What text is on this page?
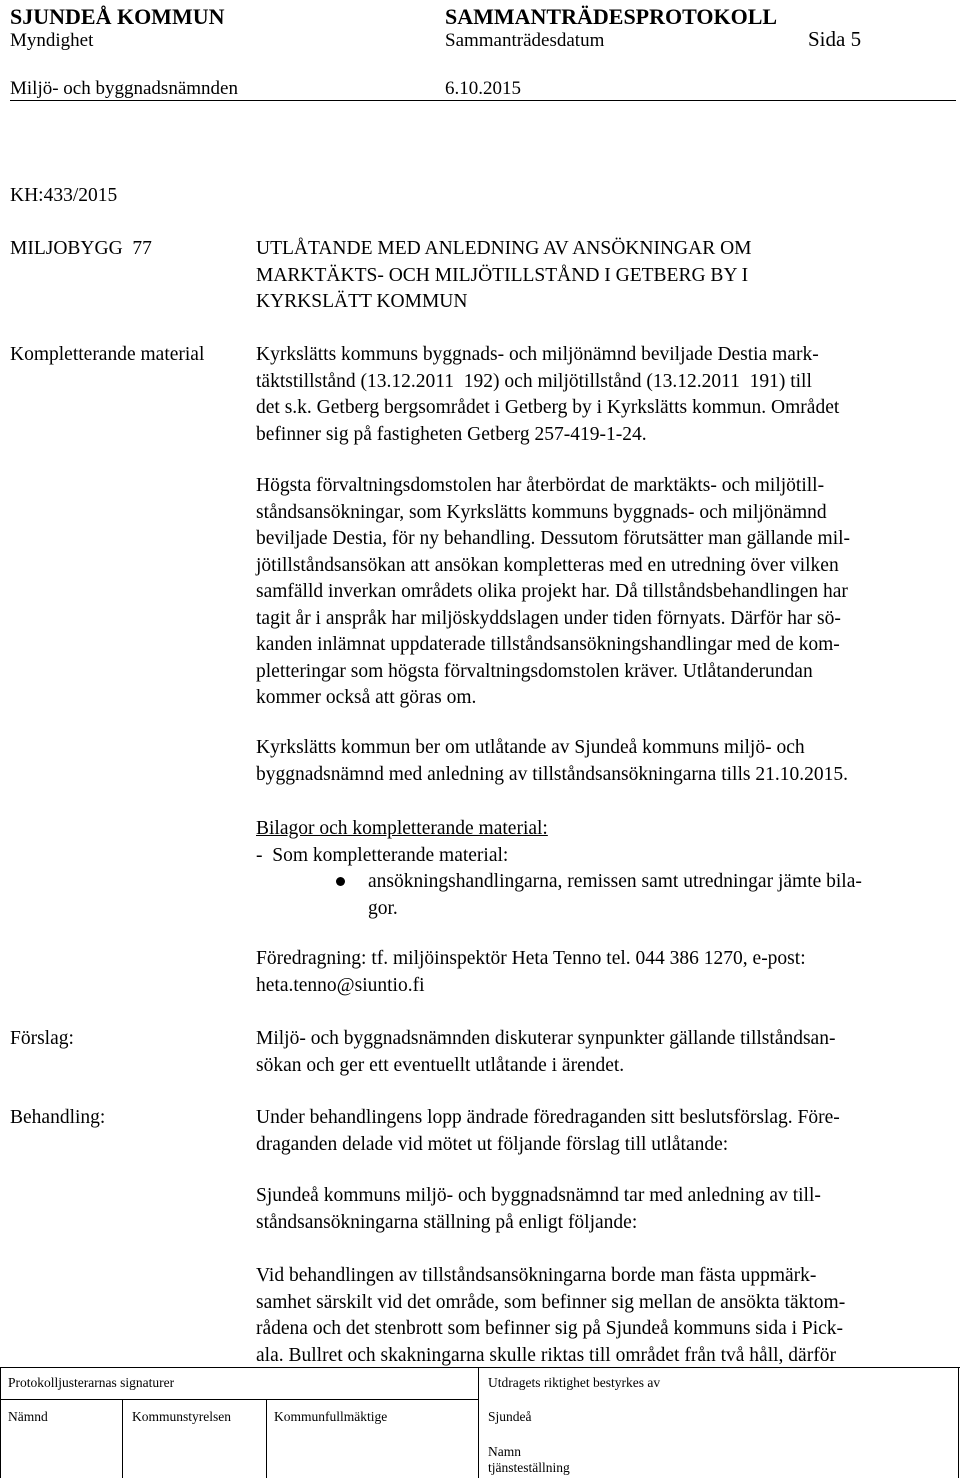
SJUNDEÅ KOMMUN	SAMMANTRÄDESPROTOKOLL
Myndighet	Sammanträdesdatum	Sida 5
Miljö- och byggnadsnämnden	6.10.2015
KH:433/2015
MILJOBYGG  77	UTLÅTANDE MED ANLEDNING AV ANSÖKNINGAR OM
MARKTÄKTS- OCH MILJÖTILLSTÅND I GETBERG BY I
KYRKSLÄTT KOMMUN
Kompletterande material	Kyrkslätts kommuns byggnads- och miljönämnd beviljade Destia mark-
täktstillstånd (13.12.2011  192) och miljötillstånd (13.12.2011  191) till
det s.k. Getberg bergsområdet i Getberg by i Kyrkslätts kommun. Området
befinner sig på fastigheten Getberg 257-419-1-24.
Högsta förvaltningsdomstolen har återbördat de marktäkts- och miljötill-
ståndsansökningar, som Kyrkslätts kommuns byggnads- och miljönämnd
beviljade Destia, för ny behandling. Dessutom förutsätter man gällande mil-
jötillståndsansökan att ansökan kompletteras med en utredning över vilken
samfälld inverkan områdets olika projekt har. Då tillståndsbehandlingen har
tagit år i anspråk har miljöskyddslagen under tiden förnyats. Därför har sö-
kanden inlämnat uppdaterade tillståndsansökningshandlingar med de kom-
pletteringar som högsta förvaltningsdomstolen kräver. Utlåtanderundan
kommer också att göras om.
Kyrkslätts kommun ber om utlåtande av Sjundeå kommuns miljö- och
byggnadsnämnd med anledning av tillståndsansökningarna tills 21.10.2015.
Bilagor och kompletterande material:
-  Som kompletterande material:
ansökningshandlingarna, remissen samt utredningar jämte bila-
gor.
Föredragning: tf. miljöinspektör Heta Tenno tel. 044 386 1270, e-post:
heta.tenno@siuntio.fi
Förslag:	Miljö- och byggnadsnämnden diskuterar synpunkter gällande tillståndsan-
sökan och ger ett eventuellt utlåtande i ärendet.
Behandling:	Under behandlingens lopp ändrade föredraganden sitt beslutsförslag. Före-
draganden delade vid mötet ut följande förslag till utlåtande:
Sjundeå kommuns miljö- och byggnadsnämnd tar med anledning av till-
ståndsansökningarna ställning på enligt följande:
Vid behandlingen av tillståndsansökningarna borde man fästa uppmärk-
samhet särskilt vid det område, som befinner sig mellan de ansökta täktom-
rådena och det stenbrott som befinner sig på Sjundeå kommuns sida i Pick-
ala. Bullret och skakningarna skulle riktas till området från två håll, därför
Protokolljusterarnas signaturer	Utdragets riktighet bestyrkes av
Nämnd	Kommunstyrelsen	Kommunfullmäktige	Sjundeå
Namn
tjänsteställning
